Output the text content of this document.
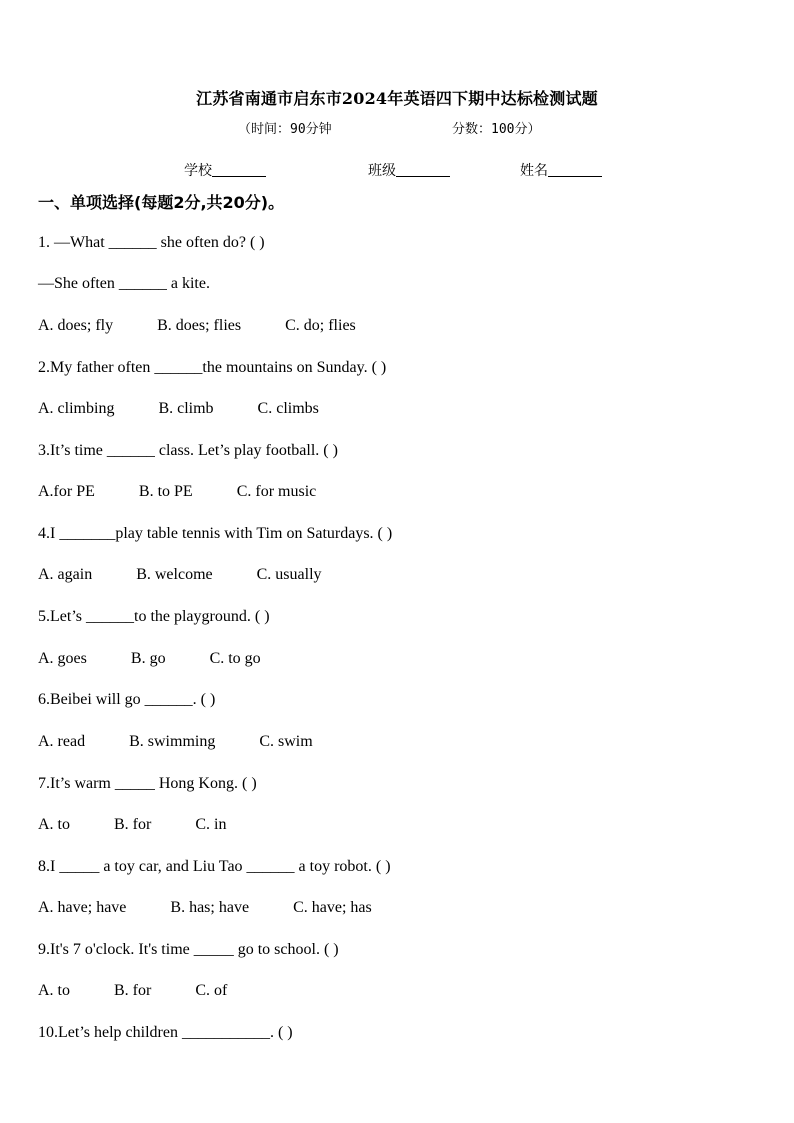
江苏省南通市启东市2024年英语四下期中达标检测试题
（时间：90分钟	分数：100分）
学校	班级	姓名
一、单项选择(每题2分,共20分)。
1. —What ______ she often do? ( )
—She often ______ a kite.
A. does; fly	B. does; flies	C. do; flies
2.My father often ______the mountains on Sunday. ( )
A. climbing	B. climb	C. climbs
3.It’s time ______ class. Let’s play football. ( )
A.for PE	B. to PE	C. for music
4.I _______play table tennis with Tim on Saturdays. ( )
A. again	B. welcome	C. usually
5.Let’s ______to the playground. ( )
A. goes	B. go	C. to go
6.Beibei will go ______. ( )
A. read	B. swimming	C. swim
7.It’s warm _____ Hong Kong. ( )
A. to	B. for	C. in
8.I _____ a toy car, and Liu Tao ______ a toy robot. ( )
A. have; have	B. has; have	C. have; has
9.It's 7 o'clock. It's time _____ go to school. ( )
A. to	B. for	C. of
10.Let’s help children ___________. ( )
